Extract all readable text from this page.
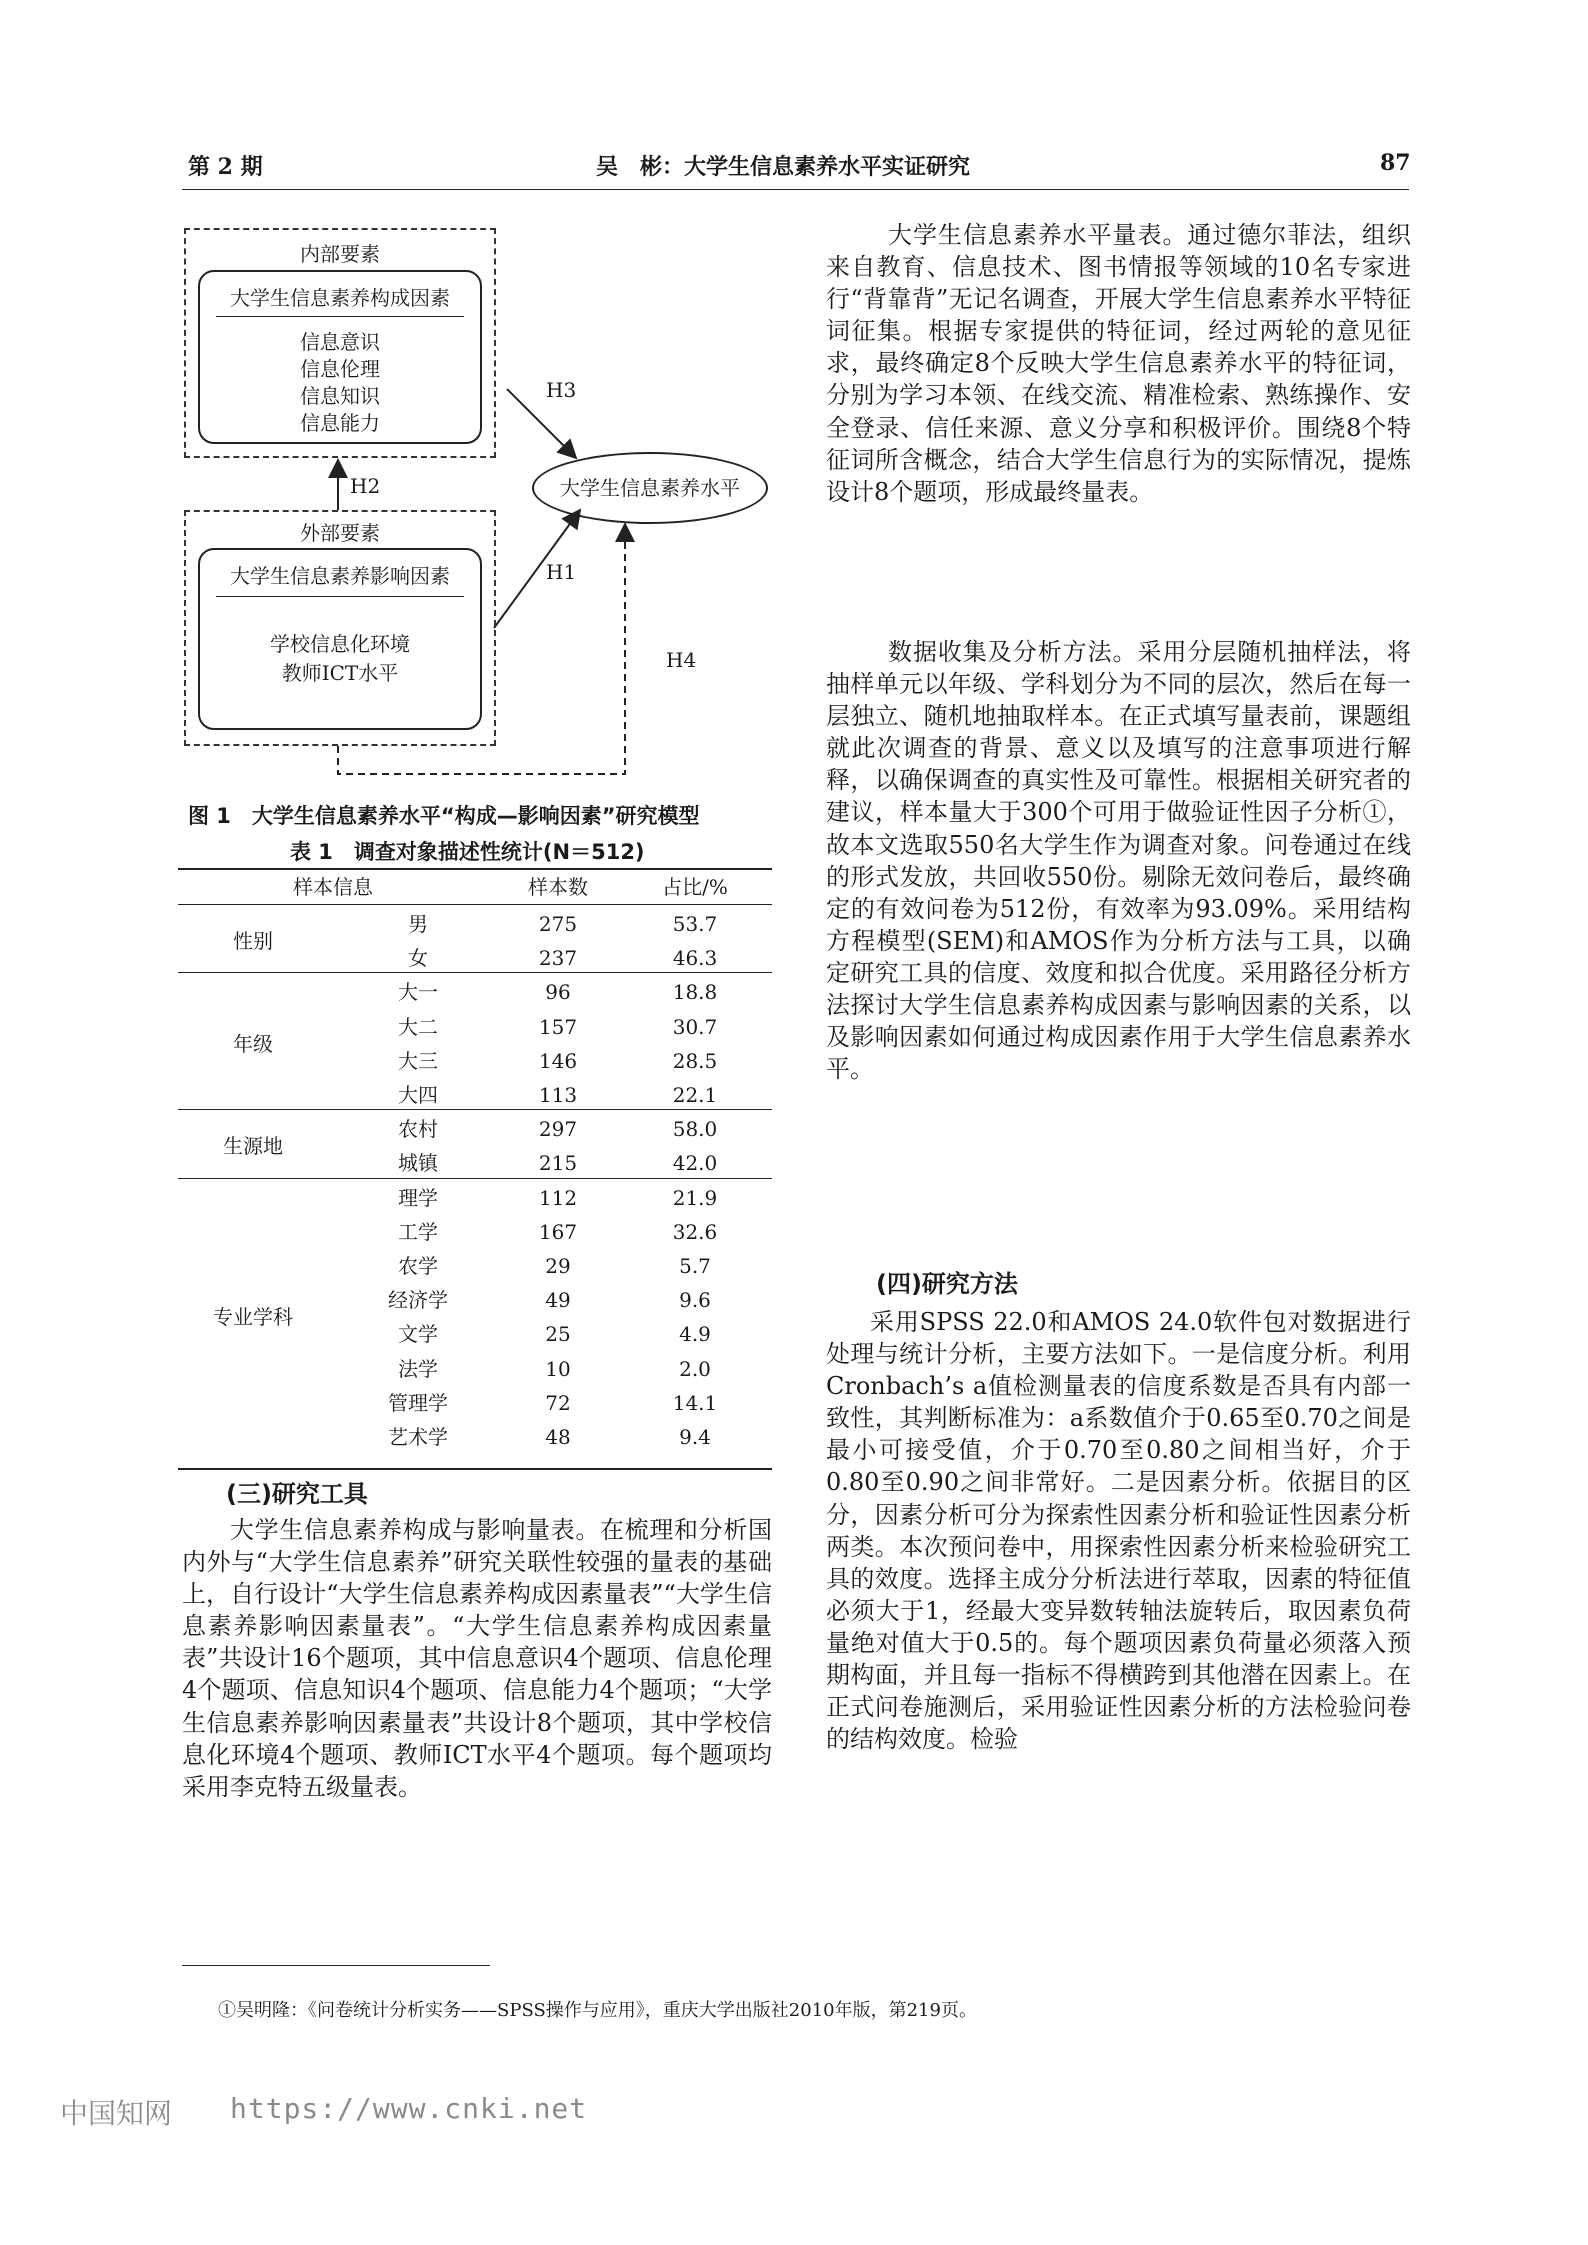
第 2 期	吴　彬：大学生信息素养水平实证研究	87
内部要素
大学生信息素养构成因素
信息意识
信息伦理
信息知识
信息能力
H2
H3
H1
H4
大学生信息素养水平
外部要素
大学生信息素养影响因素
学校信息化环境
教师ICT水平
图 1　大学生信息素养水平“构成—影响因素”研究模型
表 1　调查对象描述性统计(N＝512)
样本信息	样本数	占比/%
性别
男	275	53.7
女	237	46.3
年级
大一	96	18.8
大二	157	30.7
大三	146	28.5
大四	113	22.1
生源地
农村	297	58.0
城镇	215	42.0
专业学科
理学	112	21.9
工学	167	32.6
农学	29	5.7
经济学	49	9.6
文学	25	4.9
法学	10	2.0
管理学	72	14.1
艺术学	48	9.4
(三)研究工具
大学生信息素养构成与影响量表。在梳理和分析国内外与“大学生信息素养”研究关联性较强的量表的基础上，自行设计“大学生信息素养构成因素量表”“大学生信息素养影响因素量表”。“大学生信息素养构成因素量表”共设计16个题项，其中信息意识4个题项、信息伦理4个题项、信息知识4个题项、信息能力4个题项；“大学生信息素养影响因素量表”共设计8个题项，其中学校信息化环境4个题项、教师ICT水平4个题项。每个题项均采用李克特五级量表。
大学生信息素养水平量表。通过德尔菲法，组织来自教育、信息技术、图书情报等领域的10名专家进行“背靠背”无记名调查，开展大学生信息素养水平特征词征集。根据专家提供的特征词，经过两轮的意见征求，最终确定8个反映大学生信息素养水平的特征词，分别为学习本领、在线交流、精准检索、熟练操作、安全登录、信任来源、意义分享和积极评价。围绕8个特征词所含概念，结合大学生信息行为的实际情况，提炼设计8个题项，形成最终量表。
数据收集及分析方法。采用分层随机抽样法，将抽样单元以年级、学科划分为不同的层次，然后在每一层独立、随机地抽取样本。在正式填写量表前，课题组就此次调查的背景、意义以及填写的注意事项进行解释，以确保调查的真实性及可靠性。根据相关研究者的建议，样本量大于300个可用于做验证性因子分析①，故本文选取550名大学生作为调查对象。问卷通过在线的形式发放，共回收550份。剔除无效问卷后，最终确定的有效问卷为512份，有效率为93.09%。采用结构方程模型(SEM)和AMOS作为分析方法与工具，以确定研究工具的信度、效度和拟合优度。采用路径分析方法探讨大学生信息素养构成因素与影响因素的关系，以及影响因素如何通过构成因素作用于大学生信息素养水平。
(四)研究方法
采用SPSS 22.0和AMOS 24.0软件包对数据进行处理与统计分析，主要方法如下。一是信度分析。利用Cronbach’s a值检测量表的信度系数是否具有内部一致性，其判断标准为：a系数值介于0.65至0.70之间是最小可接受值，介于0.70至0.80之间相当好，介于0.80至0.90之间非常好。二是因素分析。依据目的区分，因素分析可分为探索性因素分析和验证性因素分析两类。本次预问卷中，用探索性因素分析来检验研究工具的效度。选择主成分分析法进行萃取，因素的特征值必须大于1，经最大变异数转轴法旋转后，取因素负荷量绝对值大于0.5的。每个题项因素负荷量必须落入预期构面，并且每一指标不得横跨到其他潜在因素上。在正式问卷施测后，采用验证性因素分析的方法检验问卷的结构效度。检验
①吴明隆：《问卷统计分析实务——SPSS操作与应用》，重庆大学出版社2010年版，第219页。
中国知网 https://www.cnki.net
